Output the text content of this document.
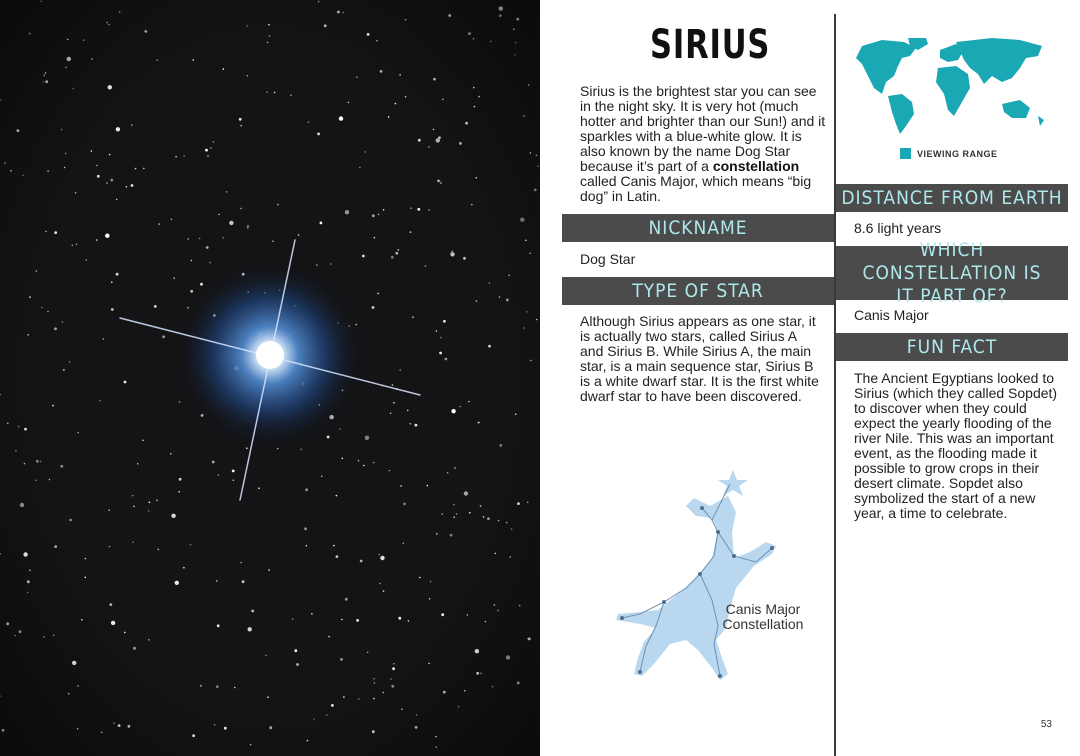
SIRIUS

Sirius is the brightest star you can see in the night sky. It is very hot (much hotter and brighter than our Sun!) and it sparkles with a blue-white glow. It is also known by the name Dog Star because it’s part of a constellation called Canis Major, which means “big dog” in Latin.

NICKNAME

Dog Star

TYPE OF STAR

Although Sirius appears as one star, it is actually two stars, called Sirius A and Sirius B. While Sirius A, the main star, is a main sequence star, Sirius B is a white dwarf star. It is the first white dwarf star to have been discovered.

Canis Major
Constellation
VIEWING RANGE
DISTANCE FROM EARTH

8.6 light years

WHICH CONSTELLATION IS IT PART OF?

Canis Major

FUN FACT

The Ancient Egyptians looked to Sirius (which they called Sopdet) to discover when they could expect the yearly flooding of the river Nile. This was an important event, as the flooding made it possible to grow crops in their desert climate. Sopdet also symbolized the start of a new year, a time to celebrate.

53
